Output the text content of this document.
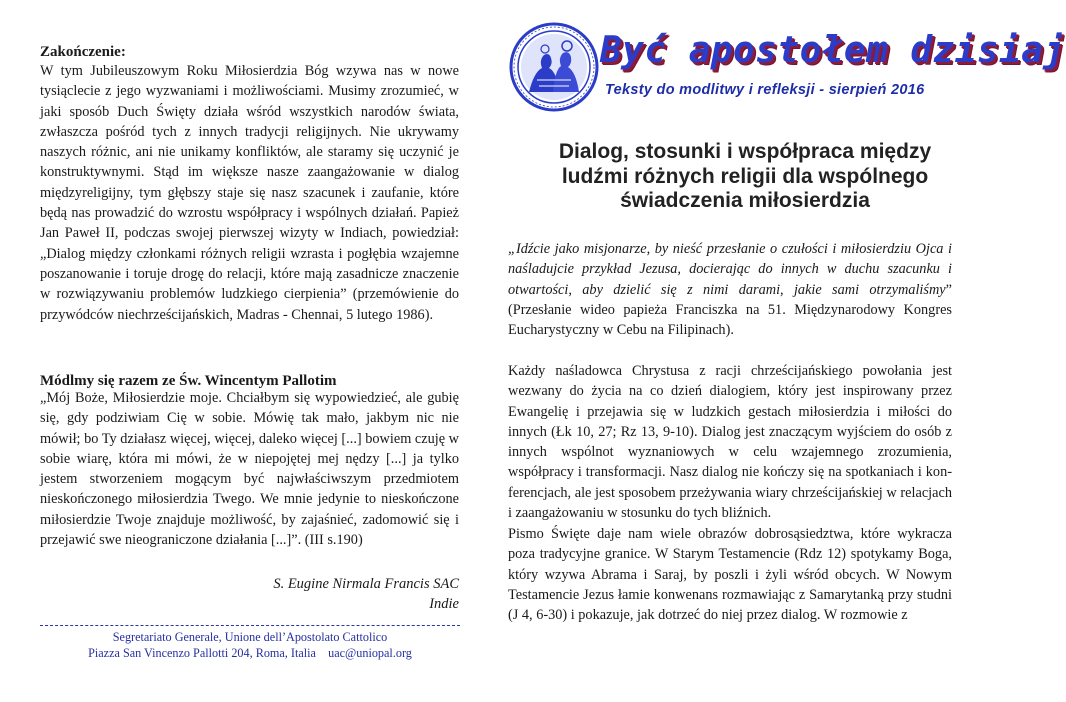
Zakończenie:
W tym Jubileuszowym Roku Miłosierdzia Bóg wzywa nas w nowe tysiąclecie z jego wyzwaniami i możliwościami. Musimy zrozumieć, w jaki sposób Duch Święty działa wśród wszystkich narodów świata, zwłaszcza pośród tych z innych tradycji religijnych. Nie ukrywamy naszych różnic, ani nie unikamy konfliktów, ale staramy się uczynić je konstruktywnymi. Stąd im większe nasze zaangażowanie w dialog międzyreligijny, tym głębszy staje się nasz szacunek i zaufanie, które będą nas prowadzić do wzrostu współpracy i wspólnych działań. Papież Jan Paweł II, podczas swojej pierwszej wizyty w Indiach, powiedział: „Dialog między członkami różnych religii wzrasta i pogłębia wzajemne poszanowanie i toruje drogę do relacji, które mają zasadnicze znaczenie w rozwiązywaniu problemów ludzkiego cierpienia” (przemówienie do przywódców niechrześcijańskich, Madras - Chennai, 5 lutego 1986).
Módlmy się razem ze Św. Wincentym Pallotim
„Mój Boże, Miłosierdzie moje. Chciałbym się wypowiedzieć, ale gubię się, gdy podziwiam Cię w sobie. Mówię tak mało, jakbym nic nie mówił; bo Ty działasz więcej, więcej, daleko więcej [...] bowiem czuję w sobie wiarę, która mi mówi, że w niepojętej mej nędzy [...] ja tylko jestem stworzeniem mogącym być najwłaściwszym przedmiotem nieskończonego miłosierdzia Twego. We mnie jedynie to nieskończone miłosierdzie Twoje znajduje możliwość, by zajaśnieć, zadomowić się i przejawić swe nieograniczone działania [...]”. (III s.190)
S. Eugine Nirmala Francis SAC
Indie
Segretariato Generale, Unione dell’Apostolato Cattolico
Piazza San Vincenzo Pallotti 204, Roma, Italia uac@uniopal.org
Być apostołem dzisiaj
Teksty do modlitwy i refleksji - sierpień 2016
Dialog, stosunki i współpraca między ludźmi różnych religii dla wspólnego świadczenia miłosierdzia
„Idźcie jako misjonarze, by nieść przesłanie o czułości i miłosierdziu Ojca i naśladujcie przykład Jezusa, docierając do innych w duchu szacunku i otwartości, aby dzielić się z nimi darami, jakie sami otrzymaliśmy” (Przesłanie wideo papieża Franciszka na 51. Międzynarodowy Kongres Eucharystyczny w Cebu na Filipinach).
Każdy naśladowca Chrystusa z racji chrześcijańskiego powołania jest wezwany do życia na co dzień dialogiem, który jest inspirowany przez Ewangelię i przejawia się w ludzkich gestach miłosierdzia i miłości do innych (Łk 10, 27; Rz 13, 9-10). Dialog jest znaczącym wyjściem do osób z innych wspólnot wyznaniowych w celu wzajemnego zrozumienia, współpracy i transformacji. Nasz dialog nie kończy się na spotkaniach i konferencjach, ale jest sposobem przeżywania wiary chrześcijańskiej w relacjach i zaangażowaniu w stosunku do tych bliźnich.
Pismo Święte daje nam wiele obrazów dobrosąsiedztwa, które wykracza poza tradycyjne granice. W Starym Testamencie (Rdz 12) spotykamy Boga, który wzywa Abrama i Saraj, by poszli i żyli wśród obcych. W Nowym Testamencie Jezus łamie konwenans rozmawiając z Samarytanką przy studni (J 4, 6-30) i pokazuje, jak dotrzeć do niej przez dialog. W rozmowie z
